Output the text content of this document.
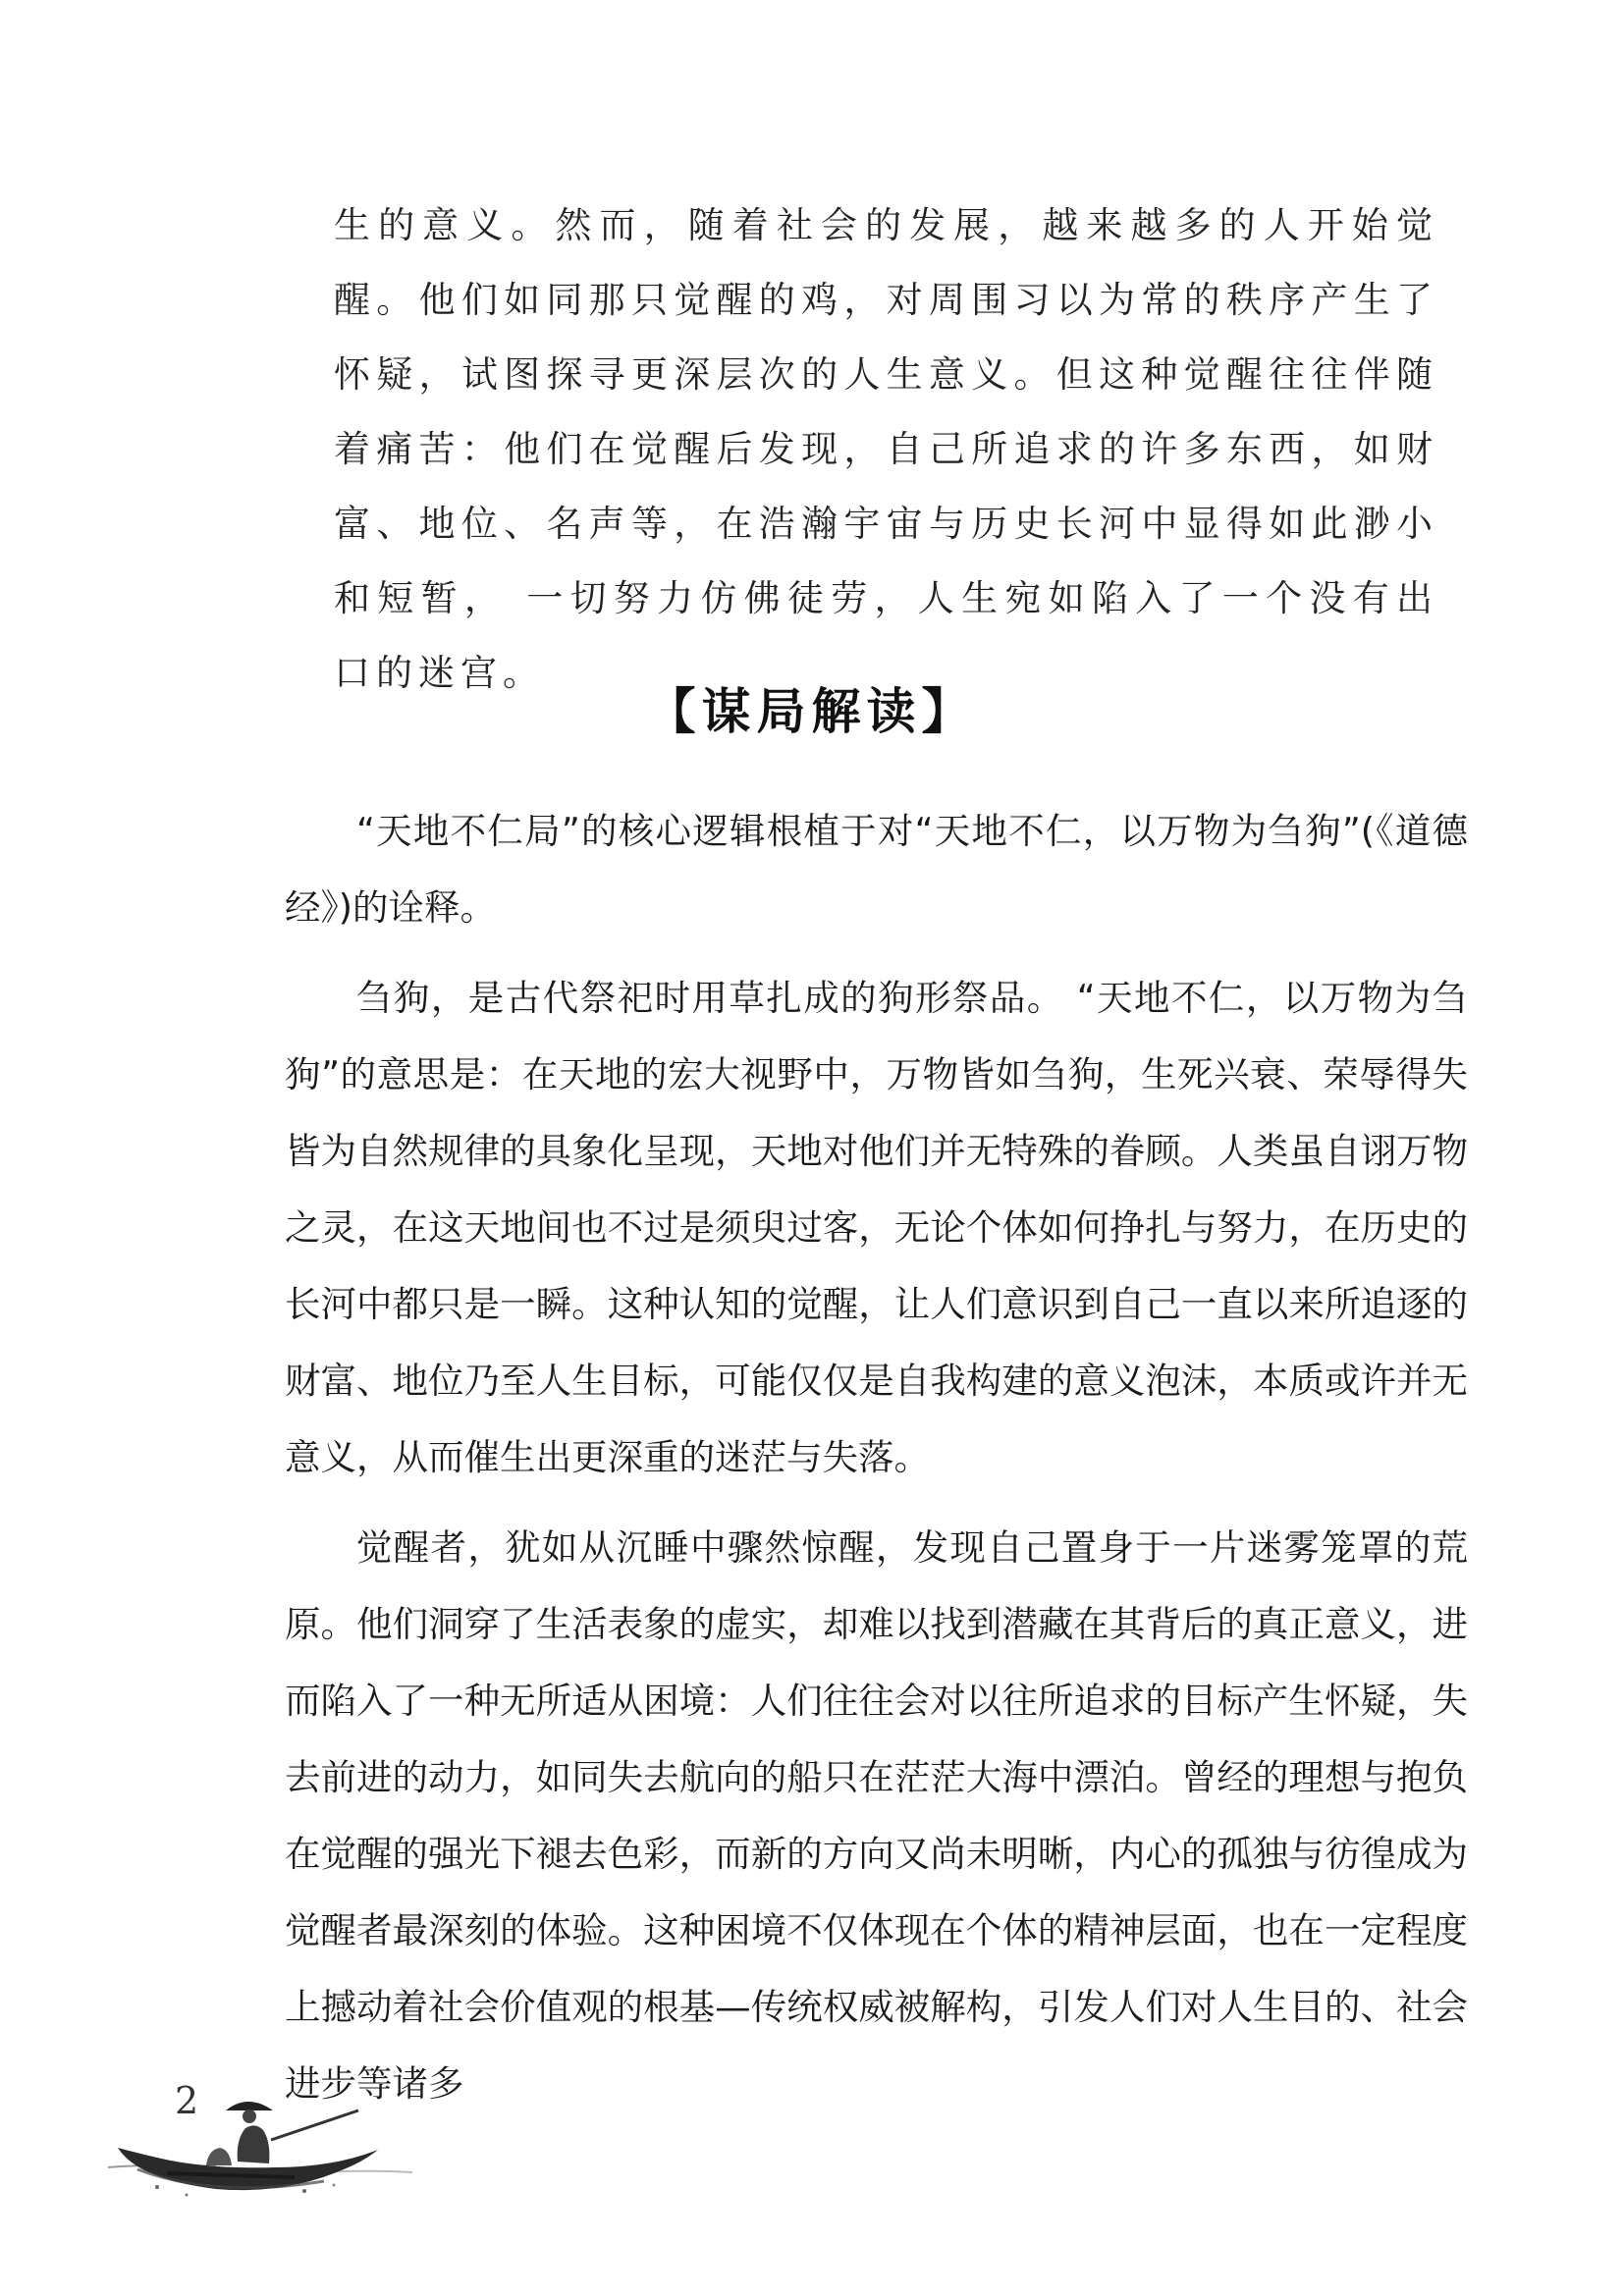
生的意义。然而，随着社会的发展，越来越多的人开始觉醒。他们如同那只觉醒的鸡，对周围习以为常的秩序产生了怀疑，试图探寻更深层次的人生意义。但这种觉醒往往伴随着痛苦：他们在觉醒后发现，自己所追求的许多东西，如财富、地位、名声等，在浩瀚宇宙与历史长河中显得如此渺小和短暂， 一切努力仿佛徒劳，人生宛如陷入了一个没有出口的迷宫。
【谋局解读】

“天地不仁局”的核心逻辑根植于对“天地不仁，以万物为刍狗”(《道德经》)的诠释。

刍狗，是古代祭祀时用草扎成的狗形祭品。 “天地不仁，以万物为刍狗”的意思是：在天地的宏大视野中，万物皆如刍狗，生死兴衰、荣辱得失皆为自然规律的具象化呈现，天地对他们并无特殊的眷顾。人类虽自诩万物之灵，在这天地间也不过是须臾过客，无论个体如何挣扎与努力，在历史的长河中都只是一瞬。这种认知的觉醒，让人们意识到自己一直以来所追逐的财富、地位乃至人生目标，可能仅仅是自我构建的意义泡沫，本质或许并无意义，从而催生出更深重的迷茫与失落。

觉醒者，犹如从沉睡中骤然惊醒，发现自己置身于一片迷雾笼罩的荒原。他们洞穿了生活表象的虚实，却难以找到潜藏在其背后的真正意义，进而陷入了一种无所适从困境：人们往往会对以往所追求的目标产生怀疑，失去前进的动力，如同失去航向的船只在茫茫大海中漂泊。曾经的理想与抱负在觉醒的强光下褪去色彩，而新的方向又尚未明晰，内心的孤独与彷徨成为觉醒者最深刻的体验。这种困境不仅体现在个体的精神层面，也在一定程度上撼动着社会价值观的根基—传统权威被解构，引发人们对人生目的、社会进步等诸多

2
